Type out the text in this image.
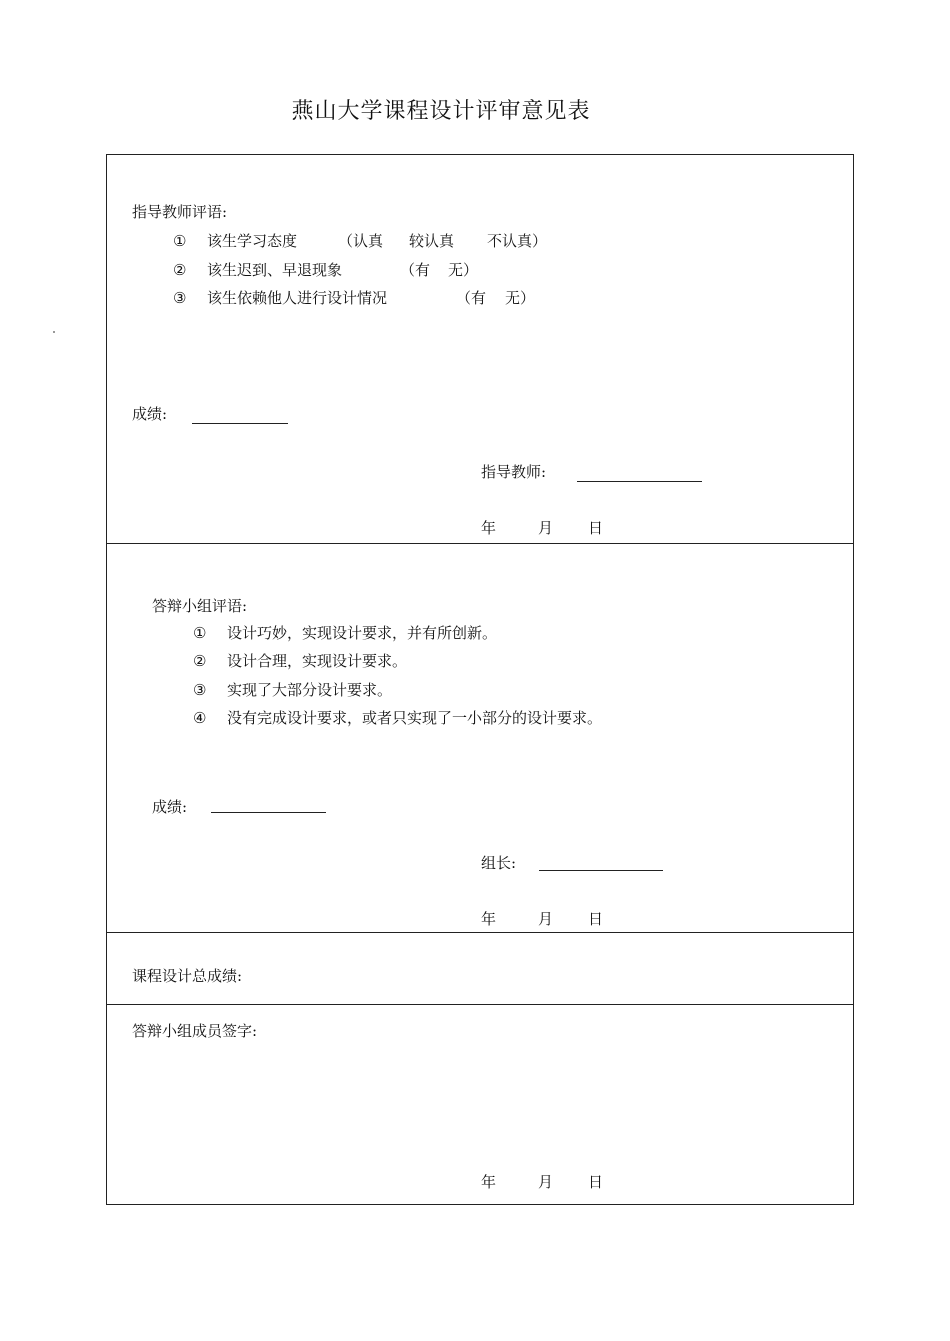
燕山大学课程设计评审意见表
指导教师评语:
① 该生学习态度	（认真 较认真 不认真）
② 该生迟到、早退现象	（有 无）
③ 该生依赖他人进行设计情况	（有 无）
成绩:
指导教师:
年	月 日
答辩小组评语:
① 设计巧妙，实现设计要求，并有所创新。
② 设计合理，实现设计要求。
③ 实现了大部分设计要求。
④ 没有完成设计要求，或者只实现了一小部分的设计要求。
成绩:
组长:
年	月 日
课程设计总成绩:
答辩小组成员签字:
年	月 日
